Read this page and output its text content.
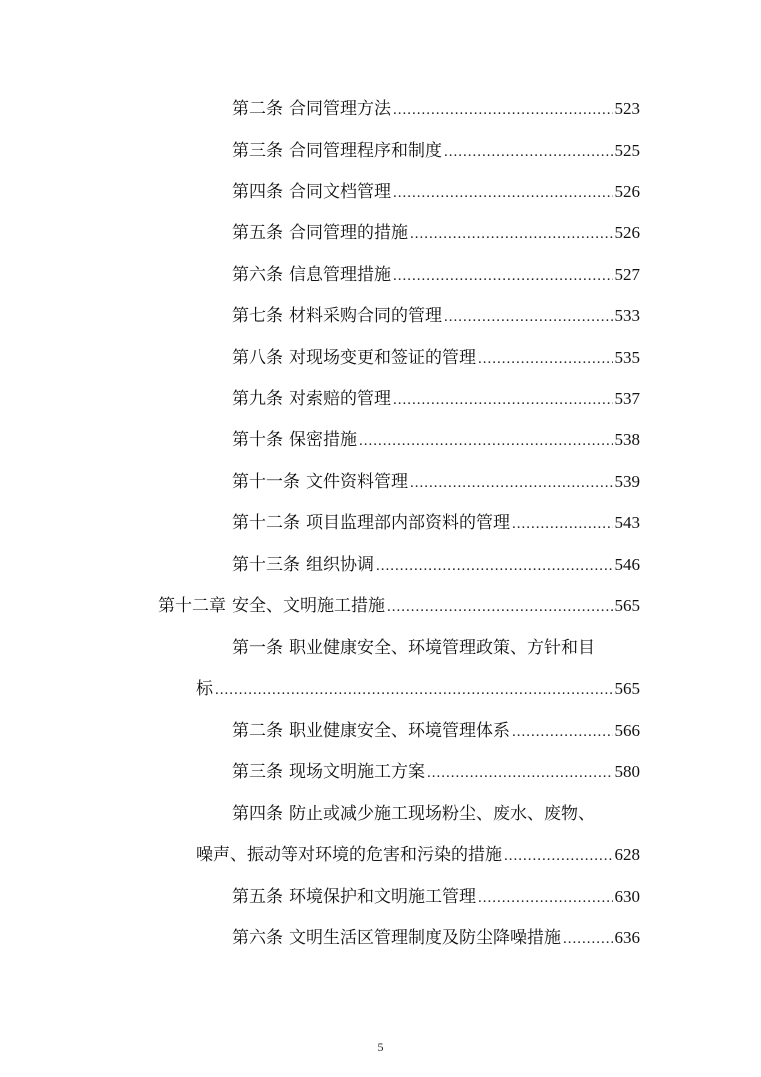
第二条 合同管理方法 .....	523
第三条 合同管理程序和制度 .....	525
第四条 合同文档管理 .....	526
第五条 合同管理的措施 .....	526
第六条 信息管理措施 .....	527
第七条 材料采购合同的管理 .....	533
第八条 对现场变更和签证的管理 .....	535
第九条 对索赔的管理 .....	537
第十条 保密措施 .....	538
第十一条 文件资料管理 .....	539
第十二条 项目监理部内部资料的管理 .....	543
第十三条 组织协调 .....	546
第十二章 安全、文明施工措施 .....	565
第一条 职业健康安全、环境管理政策、方针和目
标 .....	565
第二条 职业健康安全、环境管理体系 .....	566
第三条 现场文明施工方案 .....	580
第四条 防止或减少施工现场粉尘、废水、废物、
噪声、振动等对环境的危害和污染的措施 .....	628
第五条 环境保护和文明施工管理 .....	630
第六条 文明生活区管理制度及防尘降噪措施 .....	636
5
